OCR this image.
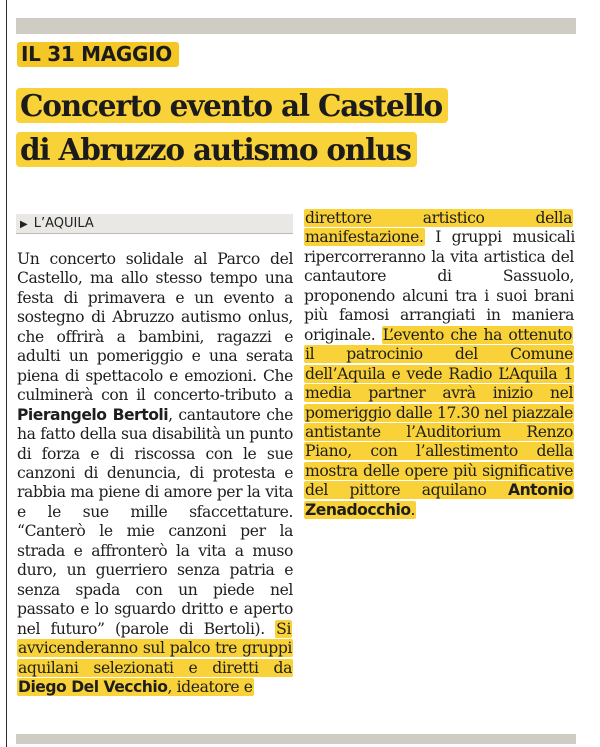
IL 31 MAGGIO
Concerto evento al Castello
di Abruzzo autismo onlus
▶ L’AQUILA
Un concerto solidale al Parco del Castello, ma allo stesso tempo una festa di primavera e un evento a sostegno di Abruzzo autismo onlus, che offrirà a bambini, ragazzi e adulti un pomeriggio e una serata piena di spettacolo e emozioni. Che culminerà con il concerto-tributo a Pierangelo Bertoli, cantautore che ha fatto della sua disabilità un punto di forza e di riscossa con le sue canzoni di denuncia, di protesta e rabbia ma piene di amore per la vita e le sue mille sfaccettature. “Canterò le mie canzoni per la strada e affronterò la vita a muso duro, un guerriero senza patria e senza spada con un piede nel passato e lo sguardo dritto e aperto nel futuro” (parole di Bertoli). Si avvicenderanno sul palco tre gruppi aquilani selezionati e diretti da Diego Del Vecchio, ideatore e
direttore	artistico	della manifestazione. I gruppi musicali ripercorreranno la vita artistica del cantautore	di	Sassuolo, proponendo alcuni tra i suoi brani più famosi arrangiati in maniera originale. L’evento che ha ottenuto il patrocinio del Comune dell’Aquila e vede Radio L’Aquila 1 media partner avrà inizio nel pomeriggio dalle 17.30 nel piazzale antistante l’Auditorium Renzo Piano, con l’allestimento della mostra delle opere più significative del pittore aquilano Antonio Zenadocchio.
